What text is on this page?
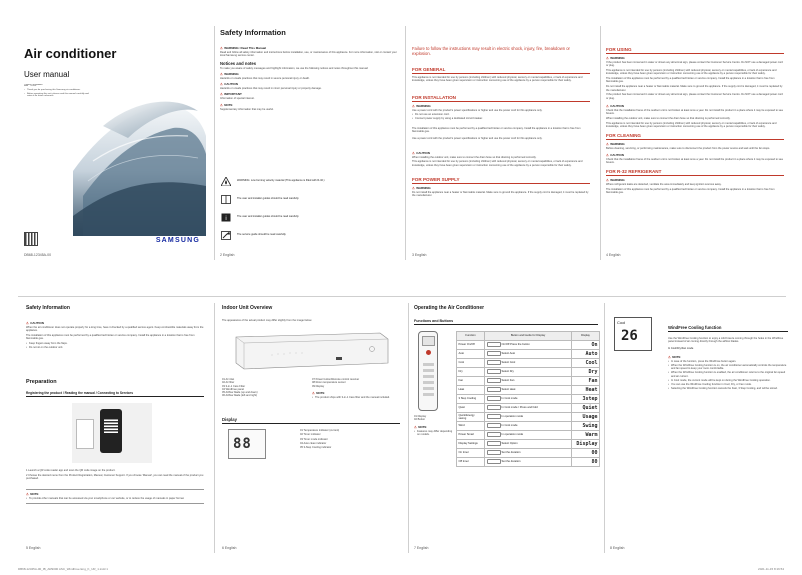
Air conditioner
User manual
AR**CXP*****
• Thank you for purchasing this Samsung air conditioner.
• Before operating this unit, please read this manual carefully and retain it for future reference.
SAMSUNG
DB68-12345A-00
Safety Information
⚠ WARNING: Read This Manual
Read and follow all safety information and instructions before installation, use, or maintenance of this appliance. For more information, visit or contact your local Samsung service center.
Notices and notes
To make you aware of safety messages and highlight information, we use the following notices and notes throughout this manual:
⚠ WARNING
Hazards or unsafe practices that may result in severe personal injury or death.
⚠ CAUTION
Hazards or unsafe practices that may result in minor personal injury or property damage.
⚠ IMPORTANT
Information of special interest.
⚠ NOTE
Supplementary information that may be useful.
WARNING: Low burning velocity material (This appliance is filled with R-32.)
The user and installer guides should be read carefully.
i	The user and installer guides should be read carefully.
The service guide should be read carefully.
2 English
Failure to follow the instructions may result in electric shock, injury, fire, breakdown or explosion.
FOR GENERAL
This appliance is not intended for use by persons (including children) with reduced physical, sensory or mental capabilities, or lack of experience and knowledge, unless they have been given supervision or instruction concerning use of the appliance by a person responsible for their safety.
FOR INSTALLATION
⚠ WARNING
Use a power cord with the product's power specifications or higher and use the power cord for this appliance only.
• Do not use an extension cord.
• Connect power supply by using a dedicated circuit breaker.
The installation of this appliance must be performed by a qualified technician or service company. Install the appliance in a location that is free from flammable gas.
Use a power cord with the product's power specifications or higher and use the power cord for this appliance only.
⚠ CAUTION
When installing the outdoor unit, make sure to connect the drain hose so that draining is performed correctly.
This appliance is not intended for use by persons (including children) with reduced physical, sensory or mental capabilities, or lack of experience and knowledge, unless they have been given supervision or instruction concerning use of the appliance by a person responsible for their safety.
FOR POWER SUPPLY
⚠ WARNING
Do not install the appliance near a heater or flammable material. Make sure to ground the appliance. If the supply cord is damaged, it must be replaced by the manufacturer.
3 English
FOR USING
⚠ WARNING
If the product has been immersed in water or shows any abnormal sign, please contact the Customer Service Centre. Do NOT use a damaged power cord or plug.
This appliance is not intended for use by persons (including children) with reduced physical, sensory or mental capabilities, or lack of experience and knowledge, unless they have been given supervision or instruction concerning use of the appliance by a person responsible for their safety.
The installation of this appliance must be performed by a qualified technician or service company. Install the appliance in a location that is free from flammable gas.
Do not install the appliance near a heater or flammable material. Make sure to ground the appliance. If the supply cord is damaged, it must be replaced by the manufacturer.
If the product has been immersed in water or shows any abnormal sign, please contact the Customer Service Centre. Do NOT use a damaged power cord or plug.
⚠ CAUTION
Check that the installation frame of the outdoor unit is not broken at least once a year. Do not install the product in a place where it may be exposed to sea breeze.
When installing the outdoor unit, make sure to connect the drain hose so that draining is performed correctly.
This appliance is not intended for use by persons (including children) with reduced physical, sensory or mental capabilities, or lack of experience and knowledge, unless they have been given supervision or instruction concerning use of the appliance by a person responsible for their safety.
FOR CLEANING
⚠ WARNING
Before cleaning, servicing, or performing maintenance, make sure to disconnect the product from the power source and wait until the fan stops.
⚠ CAUTION
Check that the installation frame of the outdoor unit is not broken at least once a year. Do not install the product in a place where it may be exposed to sea breeze.
FOR R-32 REFRIGERANT
⚠ WARNING
Where refrigerant leaks are detected, ventilate the area immediately and keep ignition sources away.
The installation of this appliance must be performed by a qualified technician or service company. Install the appliance in a location that is free from flammable gas.
4 English
Safety Information
⚠ CAUTION
When the air conditioner does not operate properly for a long time, have it checked by a qualified service agent. Keep combustible materials away from the appliance.
The installation of this appliance must be performed by a qualified technician or service company. Install the appliance in a location that is free from flammable gas.
• Keep fingers away from the flaps.
• Do not sit on the outdoor unit.
Preparation
Registering the product / Reading the manual / Connecting to Services
1 Launch a QR code reader app and scan the QR code image on the product.
2 Choose the desired menu from the Product Registration, Manual, Customer Support. If you choose 'Manual', you can read the manual of the product you purchased.
⚠ NOTE
• To provide other manuals that can be accessed via your smartphone or our website, or to reduce the usage of manuals in paper format.
5 English
Indoor Unit Overview
The appearance of the actual product may differ slightly from the image below.
01 Air inlet
02 Air filter
03 3-in-1 Care Filter
04 WindFree panel
05 Airflow blade (up and down)
06 Airflow blade (left and right)
07 Power button/Remote control receiver
08 Room temperature sensor
09 Display
⚠ NOTE
• The product ships with 3-in-1 Care filter and the manual included.
Display
88
01 Temperature indicator (current)
02 Timer indicator
03 Timer mode indicator
04 Auto clean indicator
05 3-Step Cooling indicator
6 English
Operating the Air Conditioner
Functions and Buttons
01 Display
02 Button
⚠ NOTE
• Features may differ depending on models.
Function	Button and Guide for Display	Display
Power On/Off	On/Off Press the button	On
Auto	Select Auto	Auto
Cool	Select Cool	Cool
Dry	Select Dry	Dry
Fan	Select Fan	Fan
Heat	Select Heat	Heat
3 Step Cooling	In Cool mode	3step
Quiet	In Cool mode / Press and hold	Quiet
Quick/Energy saving	In operation mode	Usage
Wind	In Cool mode	Swing
Power Smart	In operation mode	Warm
Display Settings	Select Option	Display
On timer	Set the duration	00
Off timer	Set the duration	80
7 English
Cool
26
WindFree Cooling function
Use the WindFree Cooling function to enjoy a mild breeze coming through the holes in the WindFree panel instead of air coming directly through the airflow blades.
In Cool/Dry/Fan mode
⚠ NOTE
• In case of the function, press the WindFree button again.
• When the WindFree Cooling function is on, the air conditioner automatically controls the temperature and fan speed to keep your room comfortable.
• When the WindFree Cooling function is enabled, the air conditioner returns to the original fan speed and air current.
• In Cool mode, the current mode will be kept on during the WindFree Cooling operation.
• You can use the WindFree Cooling function in Cool, Dry, or Fan mode.
• Selecting the WindFree Cooling function cancels the Fast, 3 Step Cooling, and will be stored.
8 English
DB68-12345A-00_IB_AR9000 ASC_WindFree Eng_K_UR_1.indd 1	2021-11-15 8:16:54
